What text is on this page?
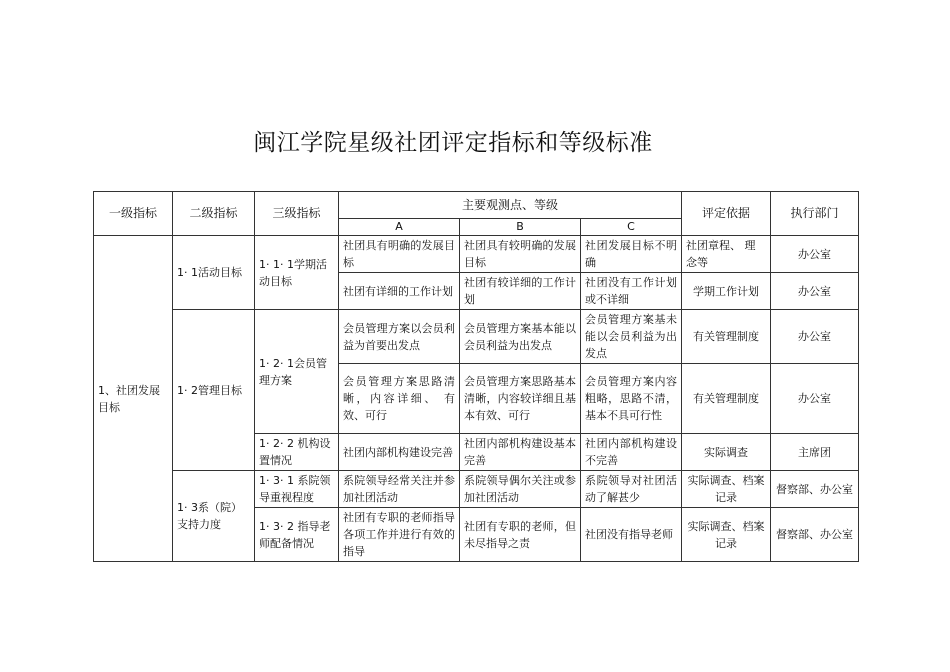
闽江学院星级社团评定指标和等级标准
一级指标	二级指标	三级指标	主要观测点、等级			评定依据	执行部门
			A	B	C		
1、社团发展目标	1· 1活动目标	1· 1· 1学期活动目标	社团具有明确的发展目标	社团具有较明确的发展目标	社团发展目标不明确	社团章程、 理念等	办公室
			社团有详细的工作计划	社团有较详细的工作计划	社团没有工作计划或不详细	学期工作计划	办公室
	1· 2管理目标	1· 2· 1会员管理方案	会员管理方案以会员利益为首要出发点	会员管理方案基本能以会员利益为出发点	会员管理方案基未能以会员利益为出发点	有关管理制度	办公室
			会员管理方案思路清晰，内容详细、 有效、可行	会员管理方案思路基本清晰，内容较详细且基本有效、可行	会员管理方案内容粗略，思路不清，基本不具可行性	有关管理制度	办公室
		1· 2· 2 机构设置情况	社团内部机构建设完善	社团内部机构建设基本完善	社团内部机构建设不完善	实际调查	主席团
	1· 3系（院）支持力度	1· 3· 1 系院领导重视程度	系院领导经常关注并参加社团活动	系院领导偶尔关注或参加社团活动	系院领导对社团活动了解甚少	实际调查、档案记录	督察部、办公室
		1· 3· 2 指导老师配备情况	社团有专职的老师指导各项工作并进行有效的指导	社团有专职的老师，但未尽指导之责	社团没有指导老师	实际调查、档案记录	督察部、办公室
